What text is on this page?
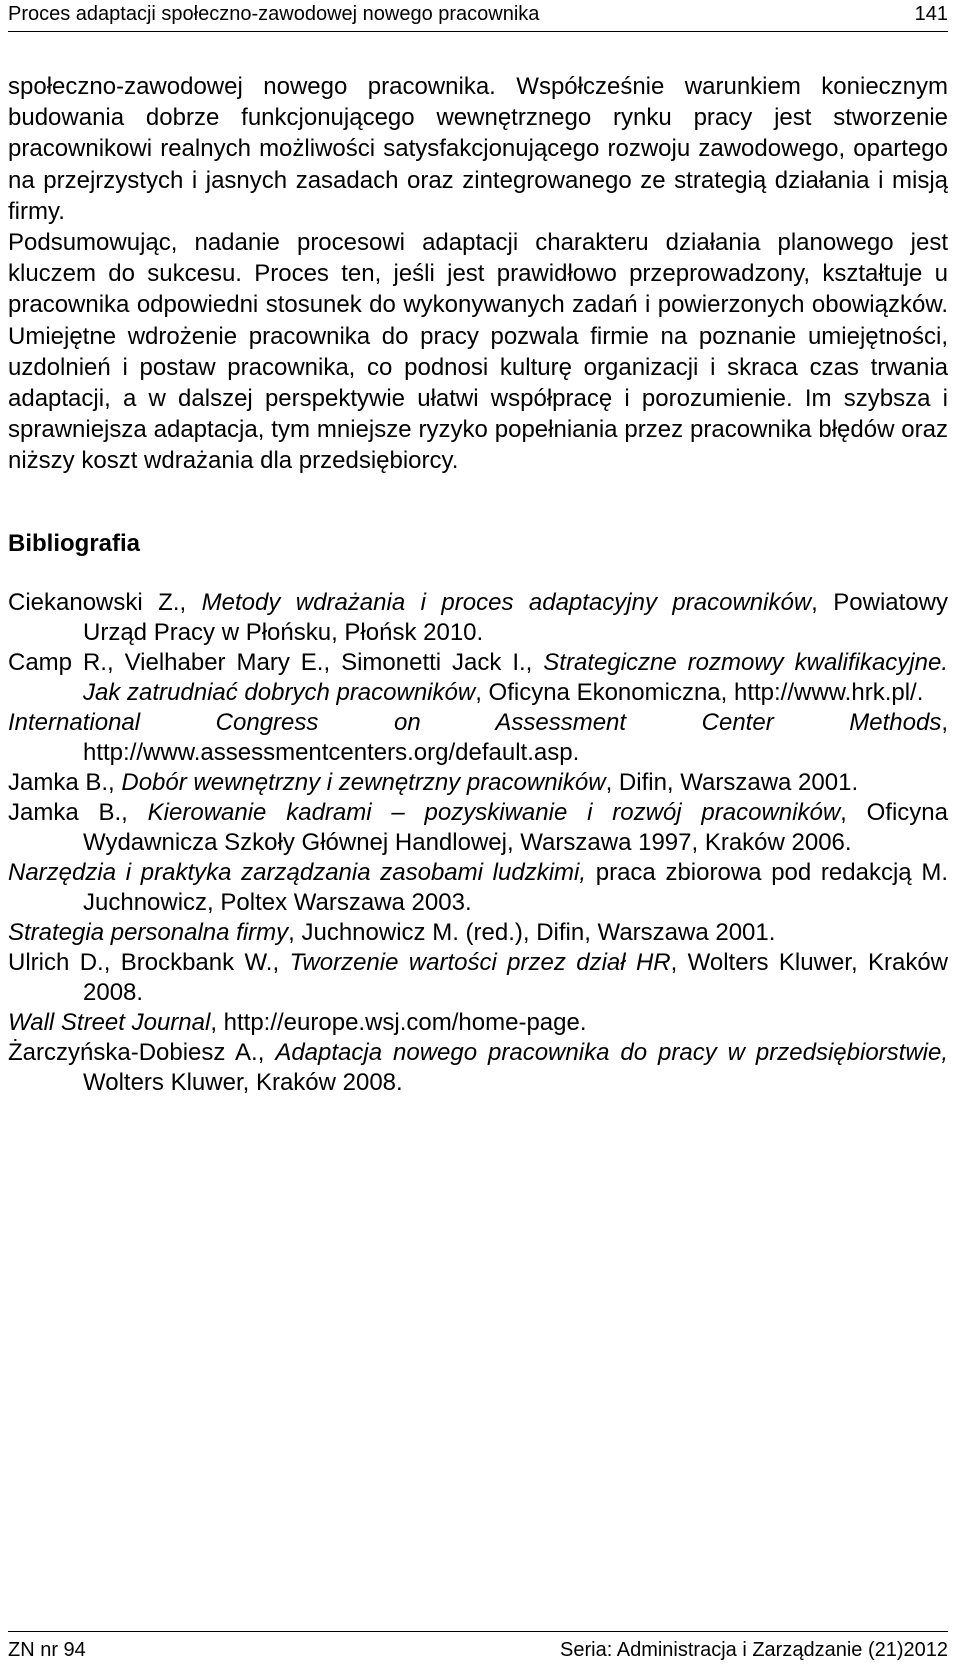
Proces adaptacji społeczno-zawodowej nowego pracownika	141

społeczno-zawodowej nowego pracownika. Współcześnie warunkiem koniecznym budowania dobrze funkcjonującego wewnętrznego rynku pracy jest stworzenie pracownikowi realnych możliwości satysfakcjonującego rozwoju zawodowego, opartego na przejrzystych i jasnych zasadach oraz zintegrowanego ze strategią działania i misją firmy.

Podsumowując, nadanie procesowi adaptacji charakteru działania planowego jest kluczem do sukcesu. Proces ten, jeśli jest prawidłowo przeprowadzony, kształtuje u pracownika odpowiedni stosunek do wykonywanych zadań i powierzonych obowiązków. Umiejętne wdrożenie pracownika do pracy pozwala firmie na poznanie umiejętności, uzdolnień i postaw pracownika, co podnosi kulturę organizacji i skraca czas trwania adaptacji, a w dalszej perspektywie ułatwi współpracę i porozumienie. Im szybsza i sprawniejsza adaptacja, tym mniejsze ryzyko popełniania przez pracownika błędów oraz niższy koszt wdrażania dla przedsiębiorcy.

Bibliografia

Ciekanowski Z., Metody wdrażania i proces adaptacyjny pracowników, Powiatowy Urząd Pracy w Płońsku, Płońsk 2010.

Camp R., Vielhaber Mary E., Simonetti Jack I., Strategiczne rozmowy kwalifikacyjne. Jak zatrudniać dobrych pracowników, Oficyna Ekonomiczna, http://www.hrk.pl/.

International Congress on Assessment Center Methods, http://www.assessmentcenters.org/default.asp.

Jamka B., Dobór wewnętrzny i zewnętrzny pracowników, Difin, Warszawa 2001.

Jamka B., Kierowanie kadrami – pozyskiwanie i rozwój pracowników, Oficyna Wydawnicza Szkoły Głównej Handlowej, Warszawa 1997, Kraków 2006.

Narzędzia i praktyka zarządzania zasobami ludzkimi, praca zbiorowa pod redakcją M. Juchnowicz, Poltex Warszawa 2003.

Strategia personalna firmy, Juchnowicz M. (red.), Difin, Warszawa 2001.

Ulrich D., Brockbank W., Tworzenie wartości przez dział HR, Wolters Kluwer, Kraków 2008.

Wall Street Journal, http://europe.wsj.com/home-page.

Żarczyńska-Dobiesz A., Adaptacja nowego pracownika do pracy w przedsiębiorstwie, Wolters Kluwer, Kraków 2008.

ZN nr 94	Seria: Administracja i Zarządzanie (21)2012
